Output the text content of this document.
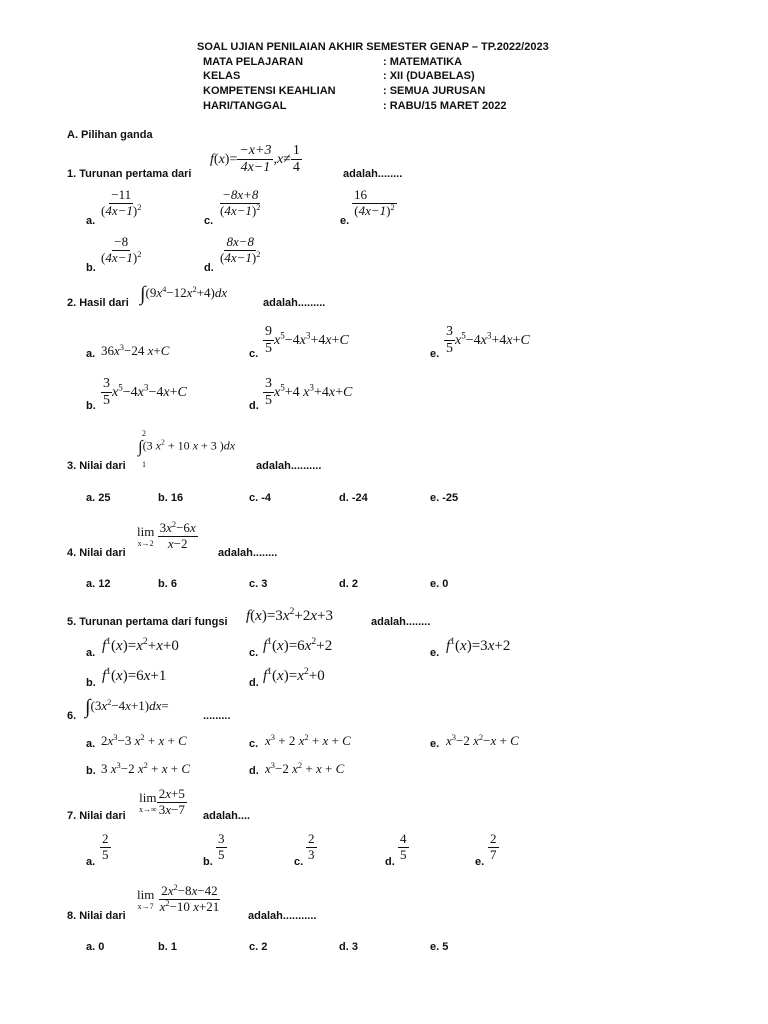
SOAL UJIAN PENILAIAN AKHIR SEMESTER GENAP – TP.2022/2023
MATA PELAJARAN	: MATEMATIKA
KELAS	: XII (DUABELAS)
KOMPETENSI KEAHLIAN	: SEMUA JURUSAN
HARI/TANGGAL	: RABU/15 MARET 2022
A. Pilihan ganda
1. Turunan pertama dari
$f(x)= \frac{-x+3}{4x-1} ,x\ne \frac{1}{4}$	adalah........
a.
$\frac{-11}{(4x-1)^2}$
c.
$\frac{-8x+8}{(4x-1)^2}$
e.
$\frac{16}{(4x-1)^2}$
b.
$\frac{-8}{(4x-1)^2}$
d.
$\frac{8x-8}{(4x-1)^2}$
2. Hasil dari $\int(9x^4-12x^2+4)dx$
adalah.........
a. $36x^3-24$ x+C	c. $\frac{9}{5} x^5-4x^3+4x+C$
e. $\frac{3}{5} x^5-4x^3+4x+C$
b. $\frac{3}{5} x^5-4x^3-4x+C$
d. $\frac{3}{5} x^5+4$ $x^3+4x+C$
3. Nilai dari
2
1
∫(3 $x^2 + 10$ x + 3 )dx
adalah..........
a. 25	b. 16	c. -4	d. -24	e. -25
4. Nilai dari
lim
x→2
$\frac{3x^2-6x}{x-2}$
adalah........
a. 12	b. 6	c. 3	d. 2	e. 0
5. Turunan pertama dari fungsi $f(x)=3x^2+2x+3$	adalah........
a. $f^1(x)=x^2+x+0$	c. $f^1(x)=6x^2+2$	e. $f^1(x)=3x+2$
b. $f^1(x)=6x+1$	d. $f^1(x)=x^2+0$
6. $\int(3x^2-4x+1)dx=$
.........
a. $2x^3-3$ $x^2 + x + C$	c. $x^3 + 2$ $x^2 + x + C$	e. $x^3-2$ $x^2-x + C$
b. 3 $x^3-2$ $x^2 + x + C$	d. $x^3-2$ $x^2 + x + C$
7. Nilai dari
lim
$x\to\infty \frac{2x+5}{3x-7}$ adalah....
a. $\frac{2}{5}$	b. $\frac{3}{5}$	c. $\frac{2}{3}$	d. $\frac{4}{5}$	e. $\frac{2}{7}$
8. Nilai dari
lim
x→7
$\frac{2x^2-8x-42}{x^2-10 x+21}$
adalah...........
a. 0	b. 1	c. 2	d. 3	e. 5
